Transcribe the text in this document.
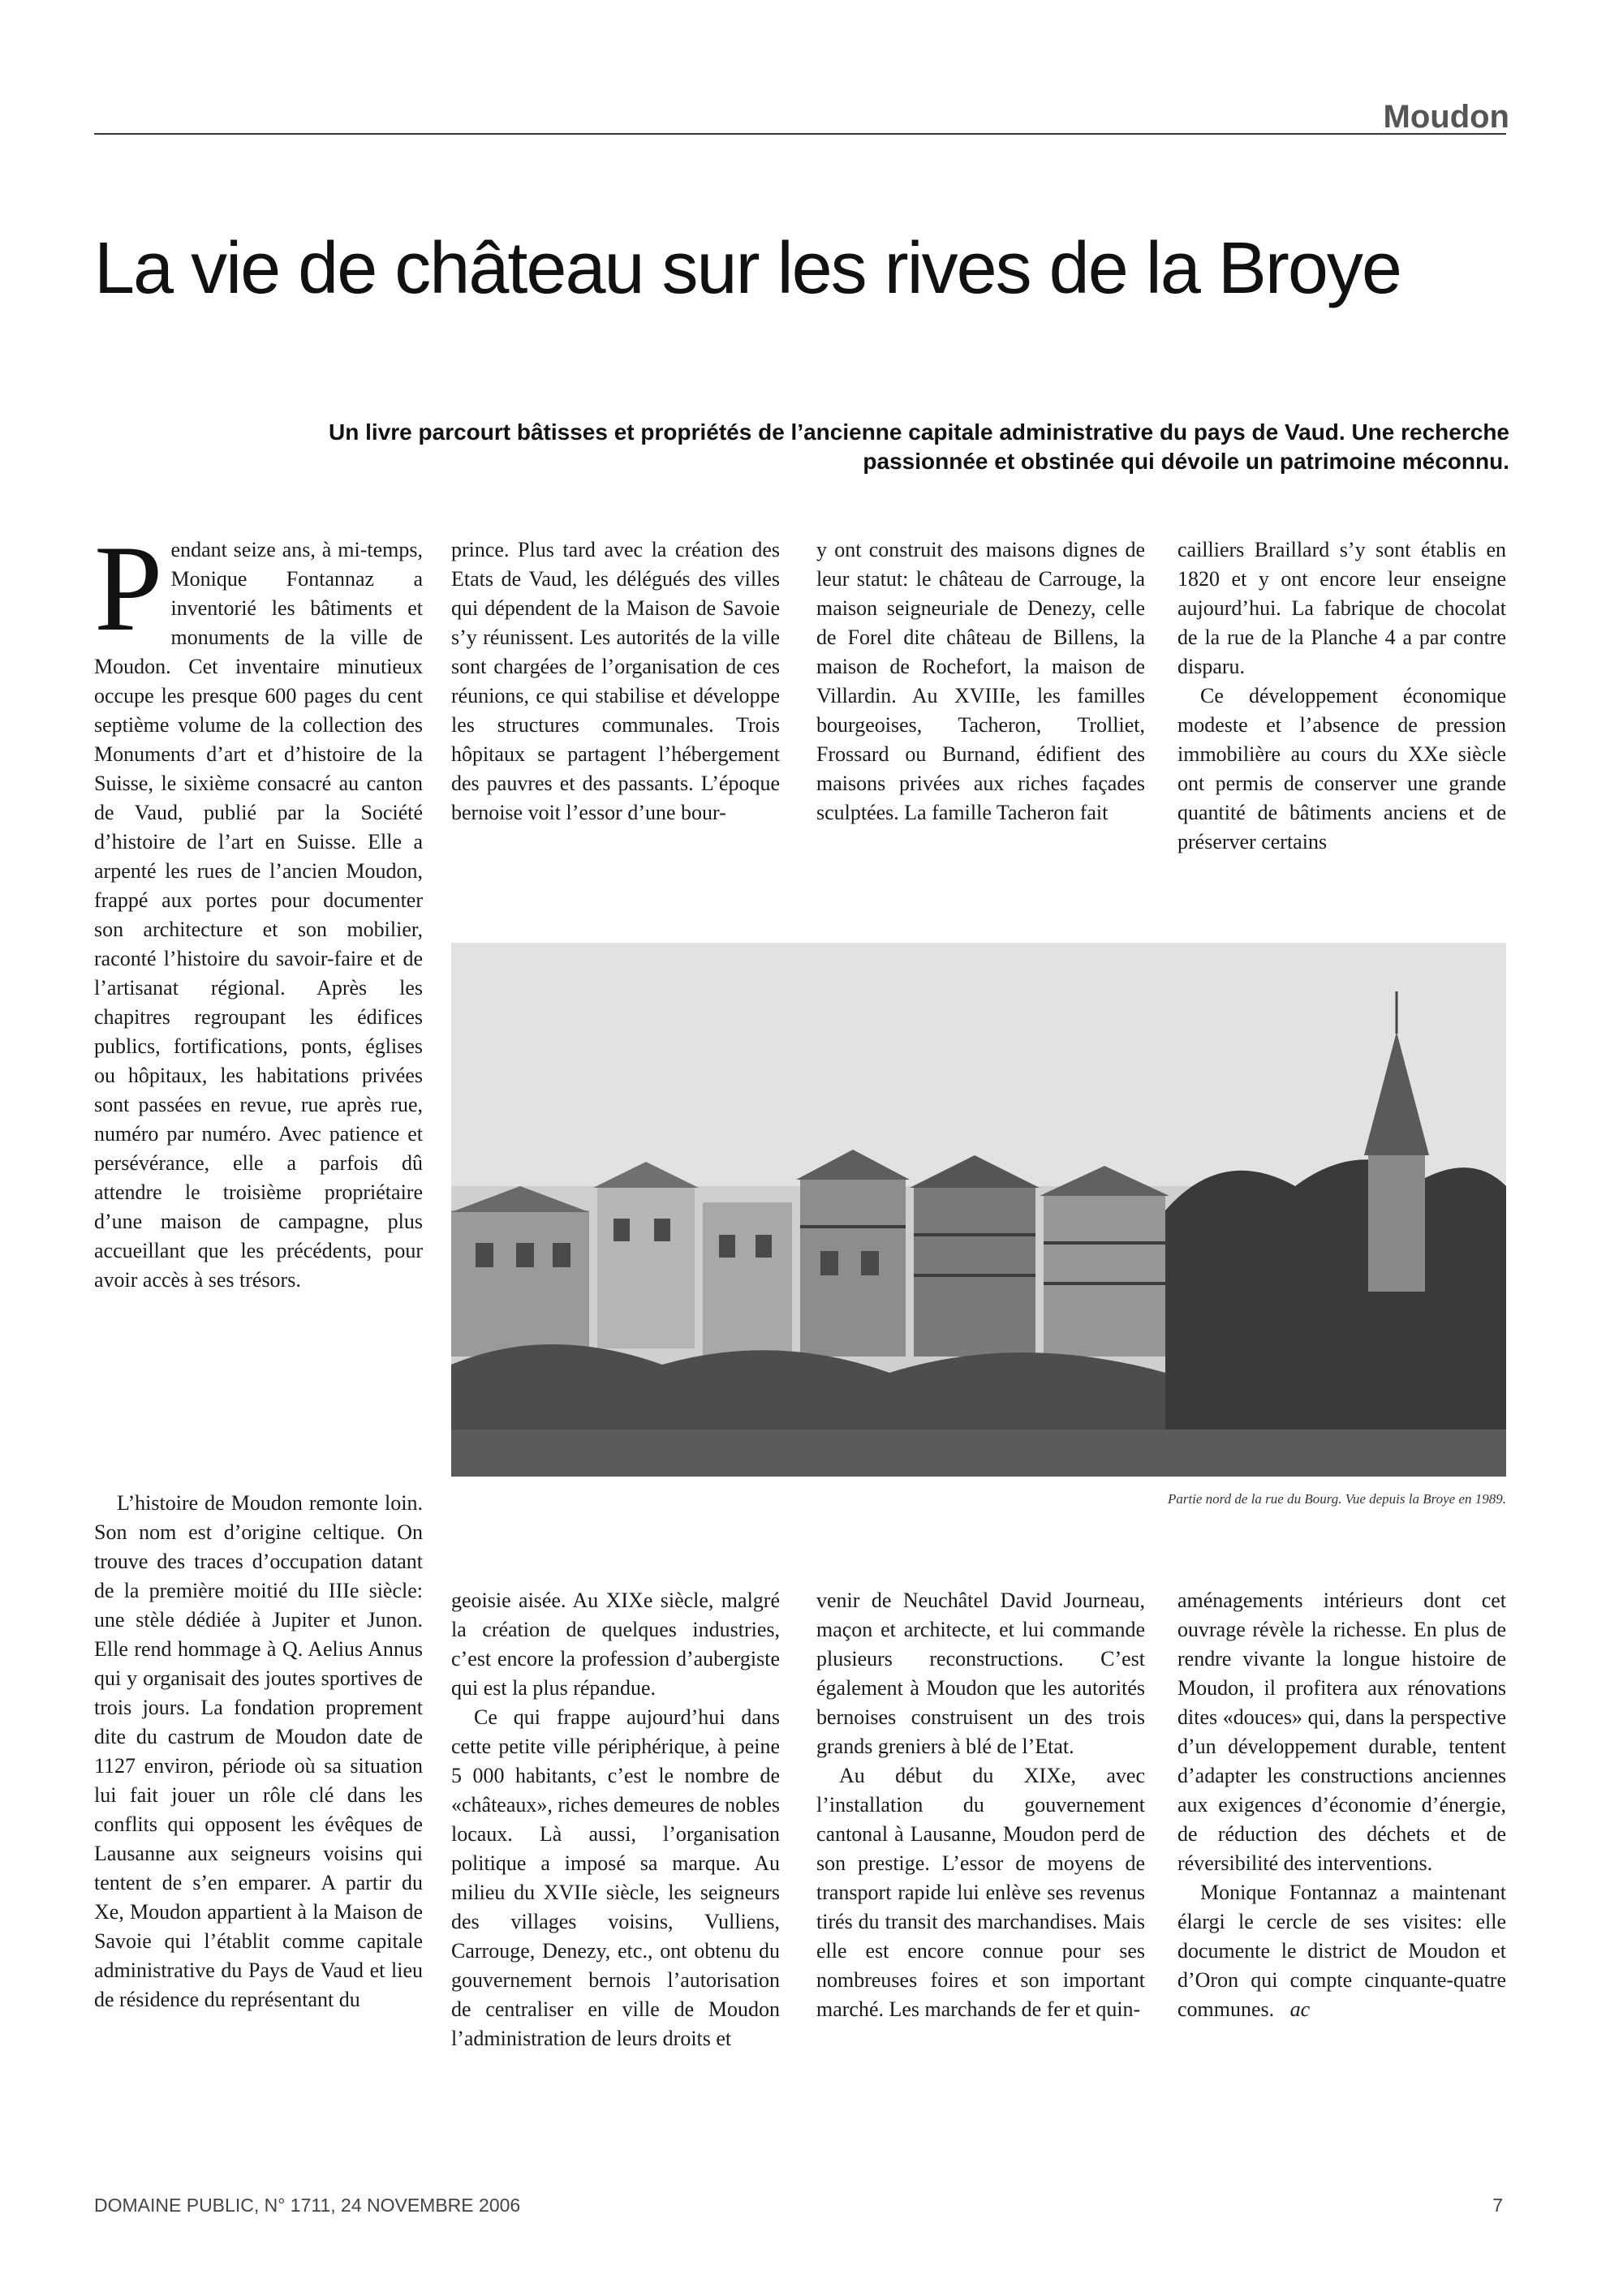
Moudon
La vie de château sur les rives de la Broye
Un livre parcourt bâtisses et propriétés de l’ancienne capitale administrative du pays de Vaud. Une recherche passionnée et obstinée qui dévoile un patrimoine méconnu.

Pendant seize ans, à mi-temps, Monique Fontannaz a inventorié les bâtiments et monuments de la ville de Moudon. Cet inventaire minutieux occupe les presque 600 pages du cent septième volume de la collection des Monuments d’art et d’histoire de la Suisse, le sixième consacré au canton de Vaud, publié par la Société d’histoire de l’art en Suisse. Elle a arpenté les rues de l’ancien Moudon, frappé aux portes pour documenter son architecture et son mobilier, raconté l’histoire du savoir-faire et de l’artisanat régional. Après les chapitres regroupant les édifices publics, fortifications, ponts, églises ou hôpitaux, les habitations privées sont passées en revue, rue après rue, numéro par numéro. Avec patience et persévérance, elle a parfois dû attendre le troisième propriétaire d’une maison de campagne, plus accueillant que les précédents, pour avoir accès à ses trésors.

prince. Plus tard avec la création des Etats de Vaud, les délégués des villes qui dépendent de la Maison de Savoie s’y réunissent. Les autorités de la ville sont chargées de l’organisation de ces réunions, ce qui stabilise et développe les structures communales. Trois hôpitaux se partagent l’hébergement des pauvres et des passants. L’époque bernoise voit l’essor d’une bour-

y ont construit des maisons dignes de leur statut: le château de Carrouge, la maison seigneuriale de Denezy, celle de Forel dite château de Billens, la maison de Rochefort, la maison de Villardin. Au XVIIIe, les familles bourgeoises, Tacheron, Trolliet, Frossard ou Burnand, édifient des maisons privées aux riches façades sculptées. La famille Tacheron fait

cailliers Braillard s’y sont établis en 1820 et y ont encore leur enseigne aujourd’hui. La fabrique de chocolat de la rue de la Planche 4 a par contre disparu.

Ce développement économique modeste et l’absence de pression immobilière au cours du XXe siècle ont permis de conserver une grande quantité de bâtiments anciens et de préserver certains

Partie nord de la rue du Bourg. Vue depuis la Broye en 1989.

L’histoire de Moudon remonte loin. Son nom est d’origine celtique. On trouve des traces d’occupation datant de la première moitié du IIIe siècle: une stèle dédiée à Jupiter et Junon. Elle rend hommage à Q. Aelius Annus qui y organisait des joutes sportives de trois jours. La fondation proprement dite du castrum de Moudon date de 1127 environ, période où sa situation lui fait jouer un rôle clé dans les conflits qui opposent les évêques de Lausanne aux seigneurs voisins qui tentent de s’en emparer. A partir du Xe, Moudon appartient à la Maison de Savoie qui l’établit comme capitale administrative du Pays de Vaud et lieu de résidence du représentant du

geoisie aisée. Au XIXe siècle, malgré la création de quelques industries, c’est encore la profession d’aubergiste qui est la plus répandue.

Ce qui frappe aujourd’hui dans cette petite ville périphérique, à peine 5 000 habitants, c’est le nombre de «châteaux», riches demeures de nobles locaux. Là aussi, l’organisation politique a imposé sa marque. Au milieu du XVIIe siècle, les seigneurs des villages voisins, Vulliens, Carrouge, Denezy, etc., ont obtenu du gouvernement bernois l’autorisation de centraliser en ville de Moudon l’administration de leurs droits et

venir de Neuchâtel David Journeau, maçon et architecte, et lui commande plusieurs reconstructions. C’est également à Moudon que les autorités bernoises construisent un des trois grands greniers à blé de l’Etat.

Au début du XIXe, avec l’installation du gouvernement cantonal à Lausanne, Moudon perd de son prestige. L’essor de moyens de transport rapide lui enlève ses revenus tirés du transit des marchandises. Mais elle est encore connue pour ses nombreuses foires et son important marché. Les marchands de fer et quin-

aménagements intérieurs dont cet ouvrage révèle la richesse. En plus de rendre vivante la longue histoire de Moudon, il profitera aux rénovations dites «douces» qui, dans la perspective d’un développement durable, tentent d’adapter les constructions anciennes aux exigences d’économie d’énergie, de réduction des déchets et de réversibilité des interventions.

Monique Fontannaz a maintenant élargi le cercle de ses visites: elle documente le district de Moudon et d’Oron qui compte cinquante-quatre communes. ac

DOMAINE PUBLIC, N° 1711, 24 NOVEMBRE 2006	7
